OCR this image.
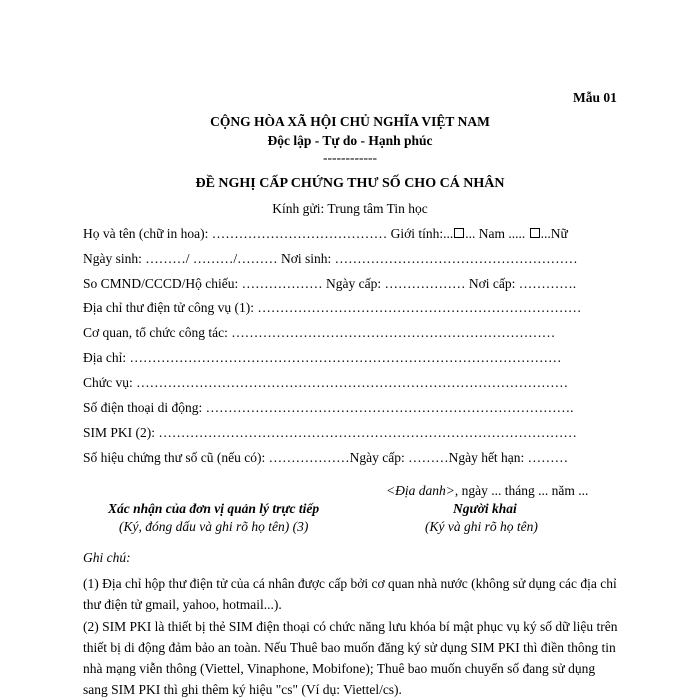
Mẫu 01
CỘNG HÒA XÃ HỘI CHỦ NGHĨA VIỆT NAM
Độc lập - Tự do - Hạnh phúc
------------
ĐỀ NGHỊ CẤP CHỨNG THƯ SỐ CHO CÁ NHÂN
Kính gửi: Trung tâm Tin học
Họ và tên (chữ in hoa): ………………………………… Giới tính:... ... Nam ..... ...Nữ
Ngày sinh: ………/ ………/……… Nơi sinh: ………………………………………………
So CMND/CCCD/Hộ chiếu: ……………… Ngày cấp: ……………… Nơi cấp: ………….
Địa chỉ thư điện tử công vụ (1): ………………………………………………………………
Cơ quan, tổ chức công tác: ………………………………………………………………
Địa chỉ: ……………………………………………………………………………………
Chức vụ: ……………………………………………………………………………………
Số điện thoại di động: ……………………………………………………………………….
SIM PKI (2): …………………………………………………………………………………
Số hiệu chứng thư số cũ (nếu có): ………………Ngày cấp: ………Ngày hết hạn: ………
<Địa danh>, ngày ... tháng ... năm ...
Xác nhận của đơn vị quản lý trực tiếp
(Ký, đóng dấu và ghi rõ họ tên) (3)
Người khai
(Ký và ghi rõ họ tên)
Ghi chú:
(1) Địa chỉ hộp thư điện tử của cá nhân được cấp bởi cơ quan nhà nước (không sử dụng các địa chỉ thư điện tử gmail, yahoo, hotmail...).
(2) SIM PKI là thiết bị thẻ SIM điện thoại có chức năng lưu khóa bí mật phục vụ ký số dữ liệu trên thiết bị di động đảm bảo an toàn. Nếu Thuê bao muốn đăng ký sử dụng SIM PKI thì điền thông tin nhà mạng viễn thông (Viettel, Vinaphone, Mobifone); Thuê bao muốn chuyển số đang sử dụng sang SIM PKI thì ghi thêm ký hiệu "cs" (Ví dụ: Viettel/cs).
